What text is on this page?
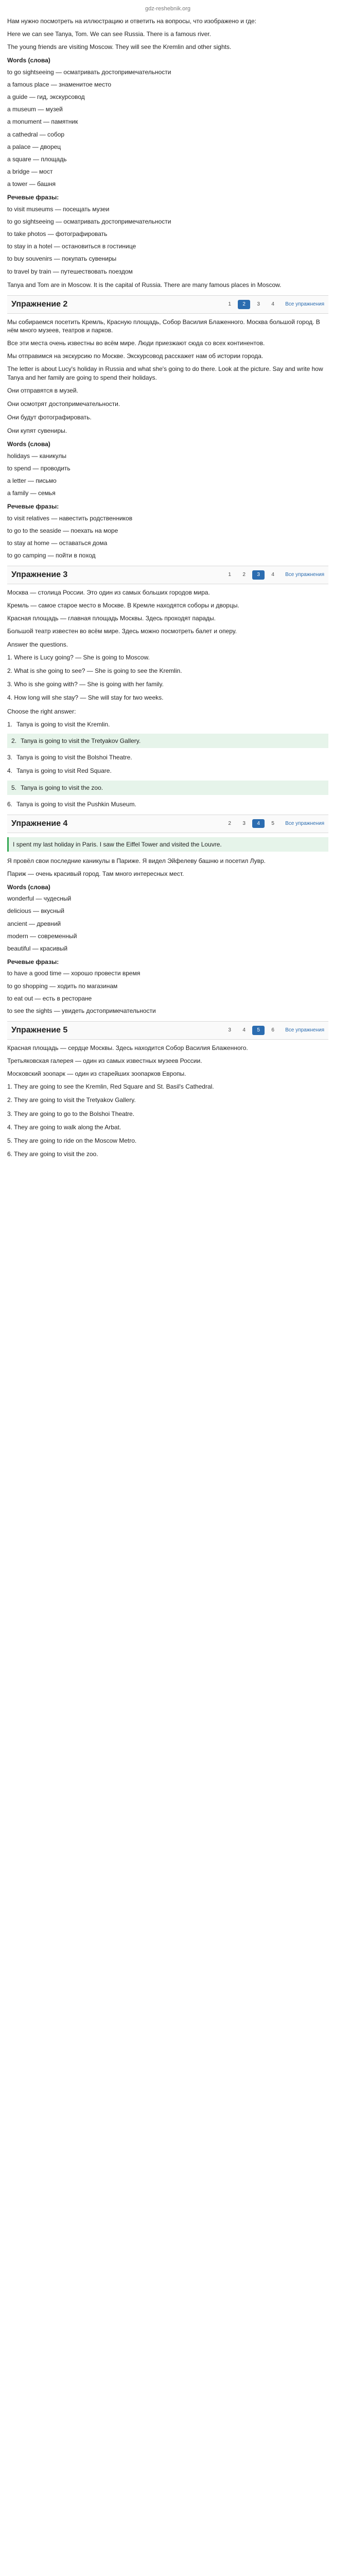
gdz-reshebnik.org

Нам нужно посмотреть на иллюстрацию и ответить на вопросы, что изображено и где:

Here we can see Tanya, Tom. We can see Russia. There is a famous river.

The young friends are visiting Moscow. They will see the Kremlin and other sights.

Words (слова)
to go sightseeing — осматривать достопримечательности
a famous place — знаменитое место
a guide — гид, экскурсовод
a museum — музей
a monument — памятник
a cathedral — собор
a palace — дворец
a square — площадь
a bridge — мост
a tower — башня
Речевые фразы:
to visit museums — посещать музеи
to go sightseeing — осматривать достопримечательности
to take photos — фотографировать
to stay in a hotel — остановиться в гостинице
to buy souvenirs — покупать сувениры
to travel by train — путешествовать поездом

Tanya and Tom are in Moscow. It is the capital of Russia. There are many famous places in Moscow.

Упражнение 2	1	2	3	4	Все упражнения

Мы собираемся посетить Кремль, Красную площадь, Собор Василия Блаженного. Москва большой город. В нём много музеев, театров и парков.

Все эти места очень известны во всём мире. Люди приезжают сюда со всех континентов.

Мы отправимся на экскурсию по Москве. Экскурсовод расскажет нам об истории города.

The letter is about Lucy's holiday in Russia and what she's going to do there. Look at the picture. Say and write how Tanya and her family are going to spend their holidays.

Они отправятся в музей.
Они осмотрят достопримечательности.
Они будут фотографировать.
Они купят сувениры.
Words (слова)
holidays — каникулы
to spend — проводить
a letter — письмо
a family — семья
Речевые фразы:
to visit relatives — навестить родственников
to go to the seaside — поехать на море
to stay at home — оставаться дома
to go camping — пойти в поход
Упражнение 3	1	2	3	4	Все упражнения

Москва — столица России. Это один из самых больших городов мира.

Кремль — самое старое место в Москве. В Кремле находятся соборы и дворцы.

Красная площадь — главная площадь Москвы. Здесь проходят парады.

Большой театр известен во всём мире. Здесь можно посмотреть балет и оперу.

Answer the questions.

1. Where is Lucy going? — She is going to Moscow.
2. What is she going to see? — She is going to see the Kremlin.
3. Who is she going with? — She is going with her family.
4. How long will she stay? — She will stay for two weeks.

Choose the right answer:

1. Tanya is going to visit the Kremlin.
2. Tanya is going to visit the Tretyakov Gallery.
3. Tanya is going to visit the Bolshoi Theatre.
4. Tanya is going to visit Red Square.
5. Tanya is going to visit the zoo.
6. Tanya is going to visit the Pushkin Museum.
Упражнение 4	2	3	4	5	Все упражнения
I spent my last holiday in Paris. I saw the Eiffel Tower and visited the Louvre.

Я провёл свои последние каникулы в Париже. Я видел Эйфелеву башню и посетил Лувр.

Париж — очень красивый город. Там много интересных мест.

Words (слова)
wonderful — чудесный
delicious — вкусный
ancient — древний
modern — современный
beautiful — красивый
Речевые фразы:
to have a good time — хорошо провести время
to go shopping — ходить по магазинам
to eat out — есть в ресторане
to see the sights — увидеть достопримечательности
Упражнение 5	3	4	5	6	Все упражнения

Красная площадь — сердце Москвы. Здесь находится Собор Василия Блаженного.

Третьяковская галерея — один из самых известных музеев России.

Московский зоопарк — один из старейших зоопарков Европы.

1. They are going to see the Kremlin, Red Square and St. Basil's Cathedral.
2. They are going to visit the Tretyakov Gallery.
3. They are going to go to the Bolshoi Theatre.
4. They are going to walk along the Arbat.
5. They are going to ride on the Moscow Metro.
6. They are going to visit the zoo.
